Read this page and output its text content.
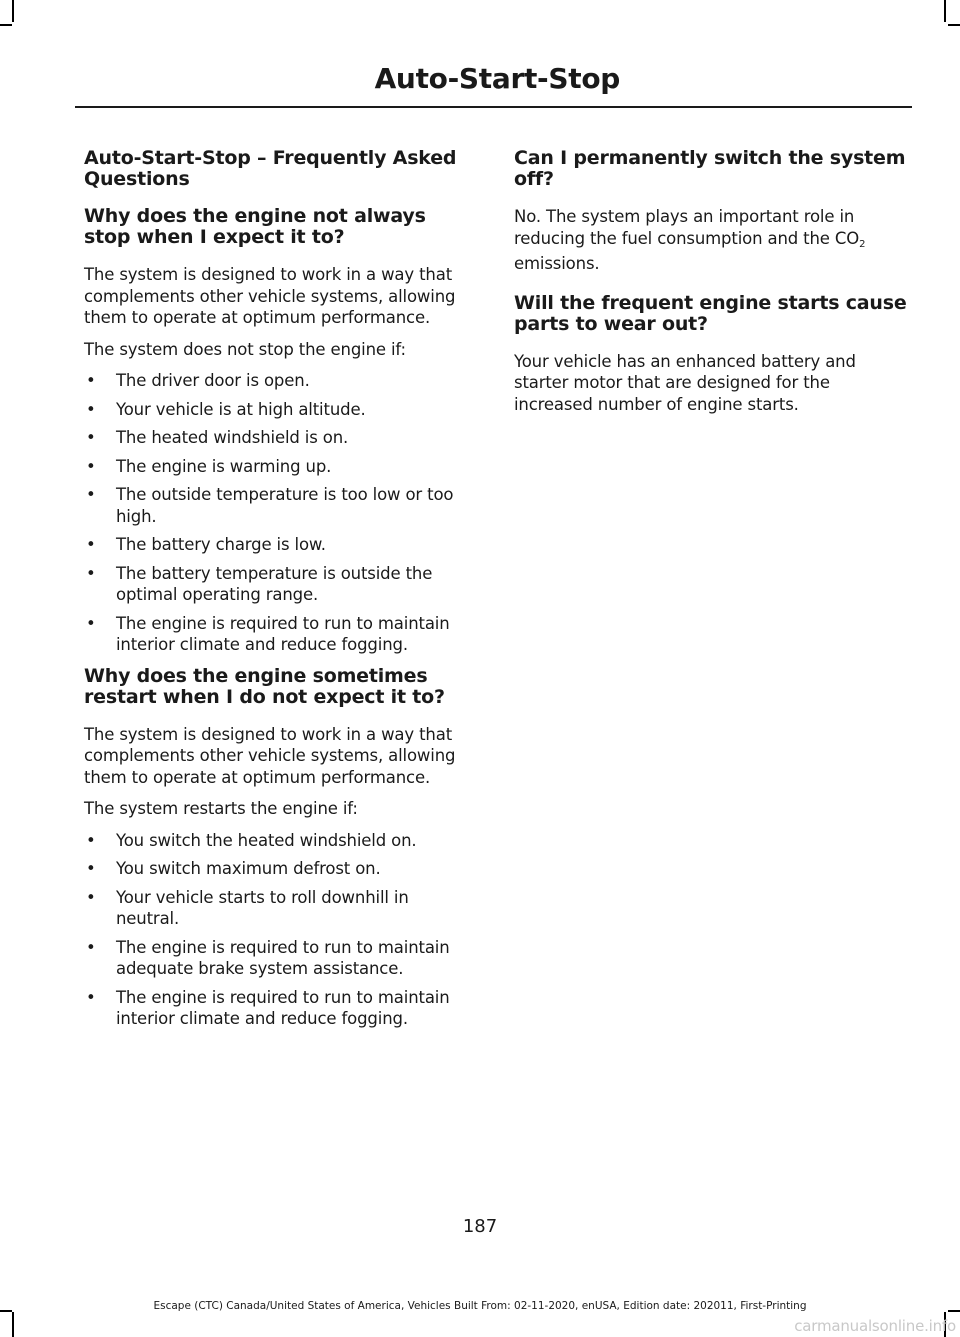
Auto-Start-Stop
Auto-Start-Stop – Frequently Asked Questions
Why does the engine not always stop when I expect it to?

The system is designed to work in a way that complements other vehicle systems, allowing them to operate at optimum performance.

The system does not stop the engine if:

• The driver door is open.
• Your vehicle is at high altitude.
• The heated windshield is on.
• The engine is warming up.
• The outside temperature is too low or too high.
• The battery charge is low.
• The battery temperature is outside the optimal operating range.
• The engine is required to run to maintain interior climate and reduce fogging.
Why does the engine sometimes restart when I do not expect it to?

The system is designed to work in a way that complements other vehicle systems, allowing them to operate at optimum performance.

The system restarts the engine if:

• You switch the heated windshield on.
• You switch maximum defrost on.
• Your vehicle starts to roll downhill in neutral.
• The engine is required to run to maintain adequate brake system assistance.
• The engine is required to run to maintain interior climate and reduce fogging.
Can I permanently switch the system off?

No. The system plays an important role in reducing the fuel consumption and the $CO_2$
emissions.

Will the frequent engine starts cause parts to wear out?

Your vehicle has an enhanced battery and starter motor that are designed for the increased number of engine starts.

187
Escape (CTC) Canada/United States of America, Vehicles Built From: 02-11-2020, enUSA, Edition date: 202011, First-Printing
carmanualsonline.info
